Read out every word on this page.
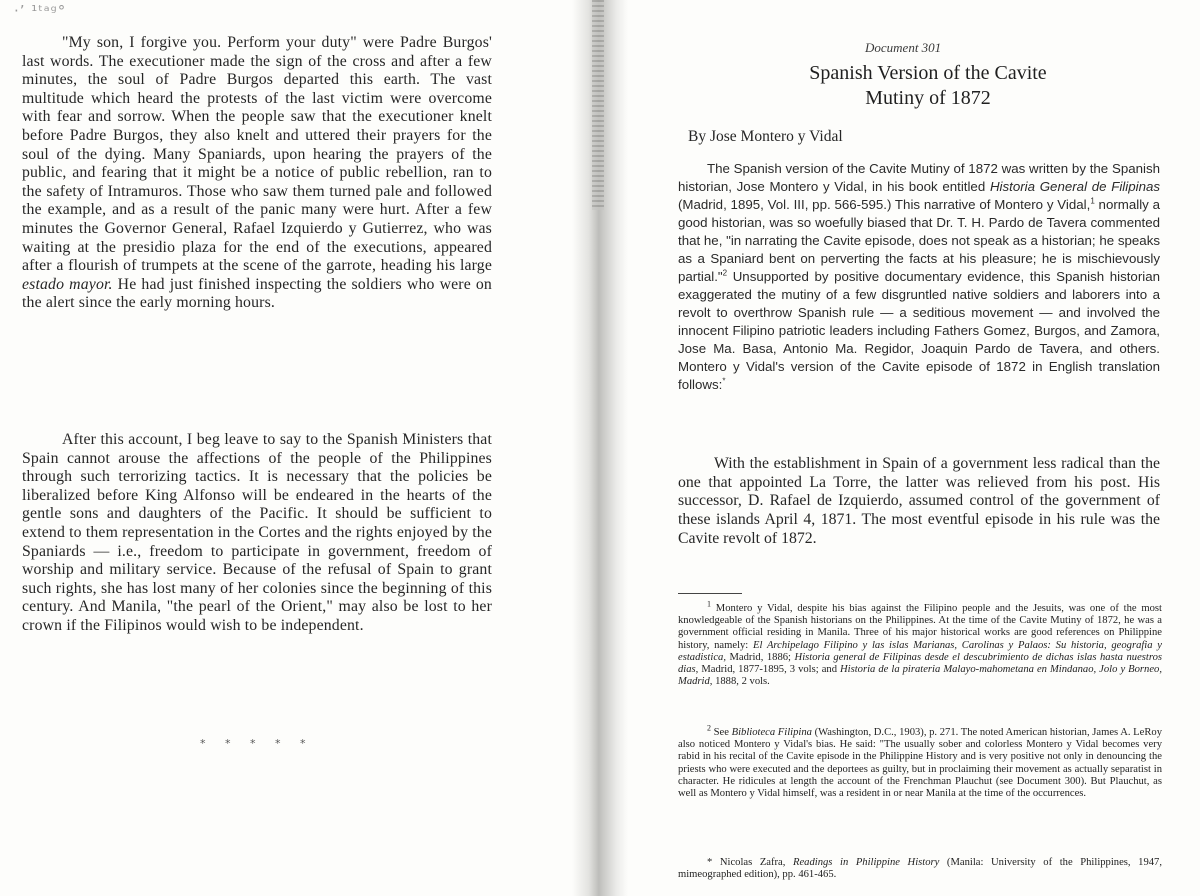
·ʼ ¹ᵗᵃᵍ°

"My son, I forgive you. Perform your duty" were Padre Burgos' last words. The executioner made the sign of the cross and after a few minutes, the soul of Padre Burgos departed this earth. The vast multitude which heard the protests of the last victim were overcome with fear and sorrow. When the people saw that the executioner knelt before Padre Burgos, they also knelt and uttered their prayers for the soul of the dying. Many Spaniards, upon hearing the prayers of the public, and fearing that it might be a notice of public rebellion, ran to the safety of Intramuros. Those who saw them turned pale and followed the example, and as a result of the panic many were hurt. After a few minutes the Governor General, Rafael Izquierdo y Gutierrez, who was waiting at the presidio plaza for the end of the executions, appeared after a flourish of trumpets at the scene of the garrote, heading his large estado mayor. He had just finished inspecting the soldiers who were on the alert since the early morning hours.

After this account, I beg leave to say to the Spanish Ministers that Spain cannot arouse the affections of the people of the Philippines through such terrorizing tactics. It is necessary that the policies be liberalized before King Alfonso will be endeared in the hearts of the gentle sons and daughters of the Pacific. It should be sufficient to extend to them representation in the Cortes and the rights enjoyed by the Spaniards — i.e., freedom to participate in government, freedom of worship and military service. Because of the refusal of Spain to grant such rights, she has lost many of her colonies since the beginning of this century. And Manila, "the pearl of the Orient," may also be lost to her crown if the Filipinos would wish to be independent.

* * * * *
Document 301
Spanish Version of the Cavite
Mutiny of 1872
By Jose Montero y Vidal

The Spanish version of the Cavite Mutiny of 1872 was written by the Spanish historian, Jose Montero y Vidal, in his book entitled Historia General de Filipinas (Madrid, 1895, Vol. III, pp. 566-595.) This narrative of Montero y Vidal,$^1$ normally a good historian, was so woefully biased that Dr. T. H. Pardo de Tavera commented that he, "in narrating the Cavite episode, does not speak as a historian; he speaks as a Spaniard bent on perverting the facts at his pleasure; he is mischievously partial."$^2$ Unsupported by positive documentary evidence, this Spanish historian exaggerated the mutiny of a few disgruntled native soldiers and laborers into a revolt to overthrow Spanish rule — a seditious movement — and involved the innocent Filipino patriotic leaders including Fathers Gomez, Burgos, and Zamora, Jose Ma. Basa, Antonio Ma. Regidor, Joaquin Pardo de Tavera, and others. Montero y Vidal's version of the Cavite episode of 1872 in English translation follows:*

With the establishment in Spain of a government less radical than the one that appointed La Torre, the latter was relieved from his post. His successor, D. Rafael de Izquierdo, assumed control of the government of these islands April 4, 1871. The most eventful episode in his rule was the Cavite revolt of 1872.

$^1$ Montero y Vidal, despite his bias against the Filipino people and the Jesuits, was one of the most knowledgeable of the Spanish historians on the Philippines. At the time of the Cavite Mutiny of 1872, he was a government official residing in Manila. Three of his major historical works are good references on Philippine history, namely: El Archipelago Filipino y las islas Marianas, Carolinas y Palaos: Su historia, geografia y estadistica, Madrid, 1886; Historia general de Filipinas desde el descubrimiento de dichas islas hasta nuestros dias, Madrid, 1877-1895, 3 vols; and Historia de la pirateria Malayo-mahometana en Mindanao, Jolo y Borneo, Madrid, 1888, 2 vols.

$^2$ See Biblioteca Filipina (Washington, D.C., 1903), p. 271. The noted American historian, James A. LeRoy also noticed Montero y Vidal's bias. He said: "The usually sober and colorless Montero y Vidal becomes very rabid in his recital of the Cavite episode in the Philippine History and is very positive not only in denouncing the priests who were executed and the deportees as guilty, but in proclaiming their movement as actually separatist in character. He ridicules at length the account of the Frenchman Plauchut (see Document 300). But Plauchut, as well as Montero y Vidal himself, was a resident in or near Manila at the time of the occurrences.

* Nicolas Zafra, Readings in Philippine History (Manila: University of the Philippines, 1947, mimeographed edition), pp. 461-465.
